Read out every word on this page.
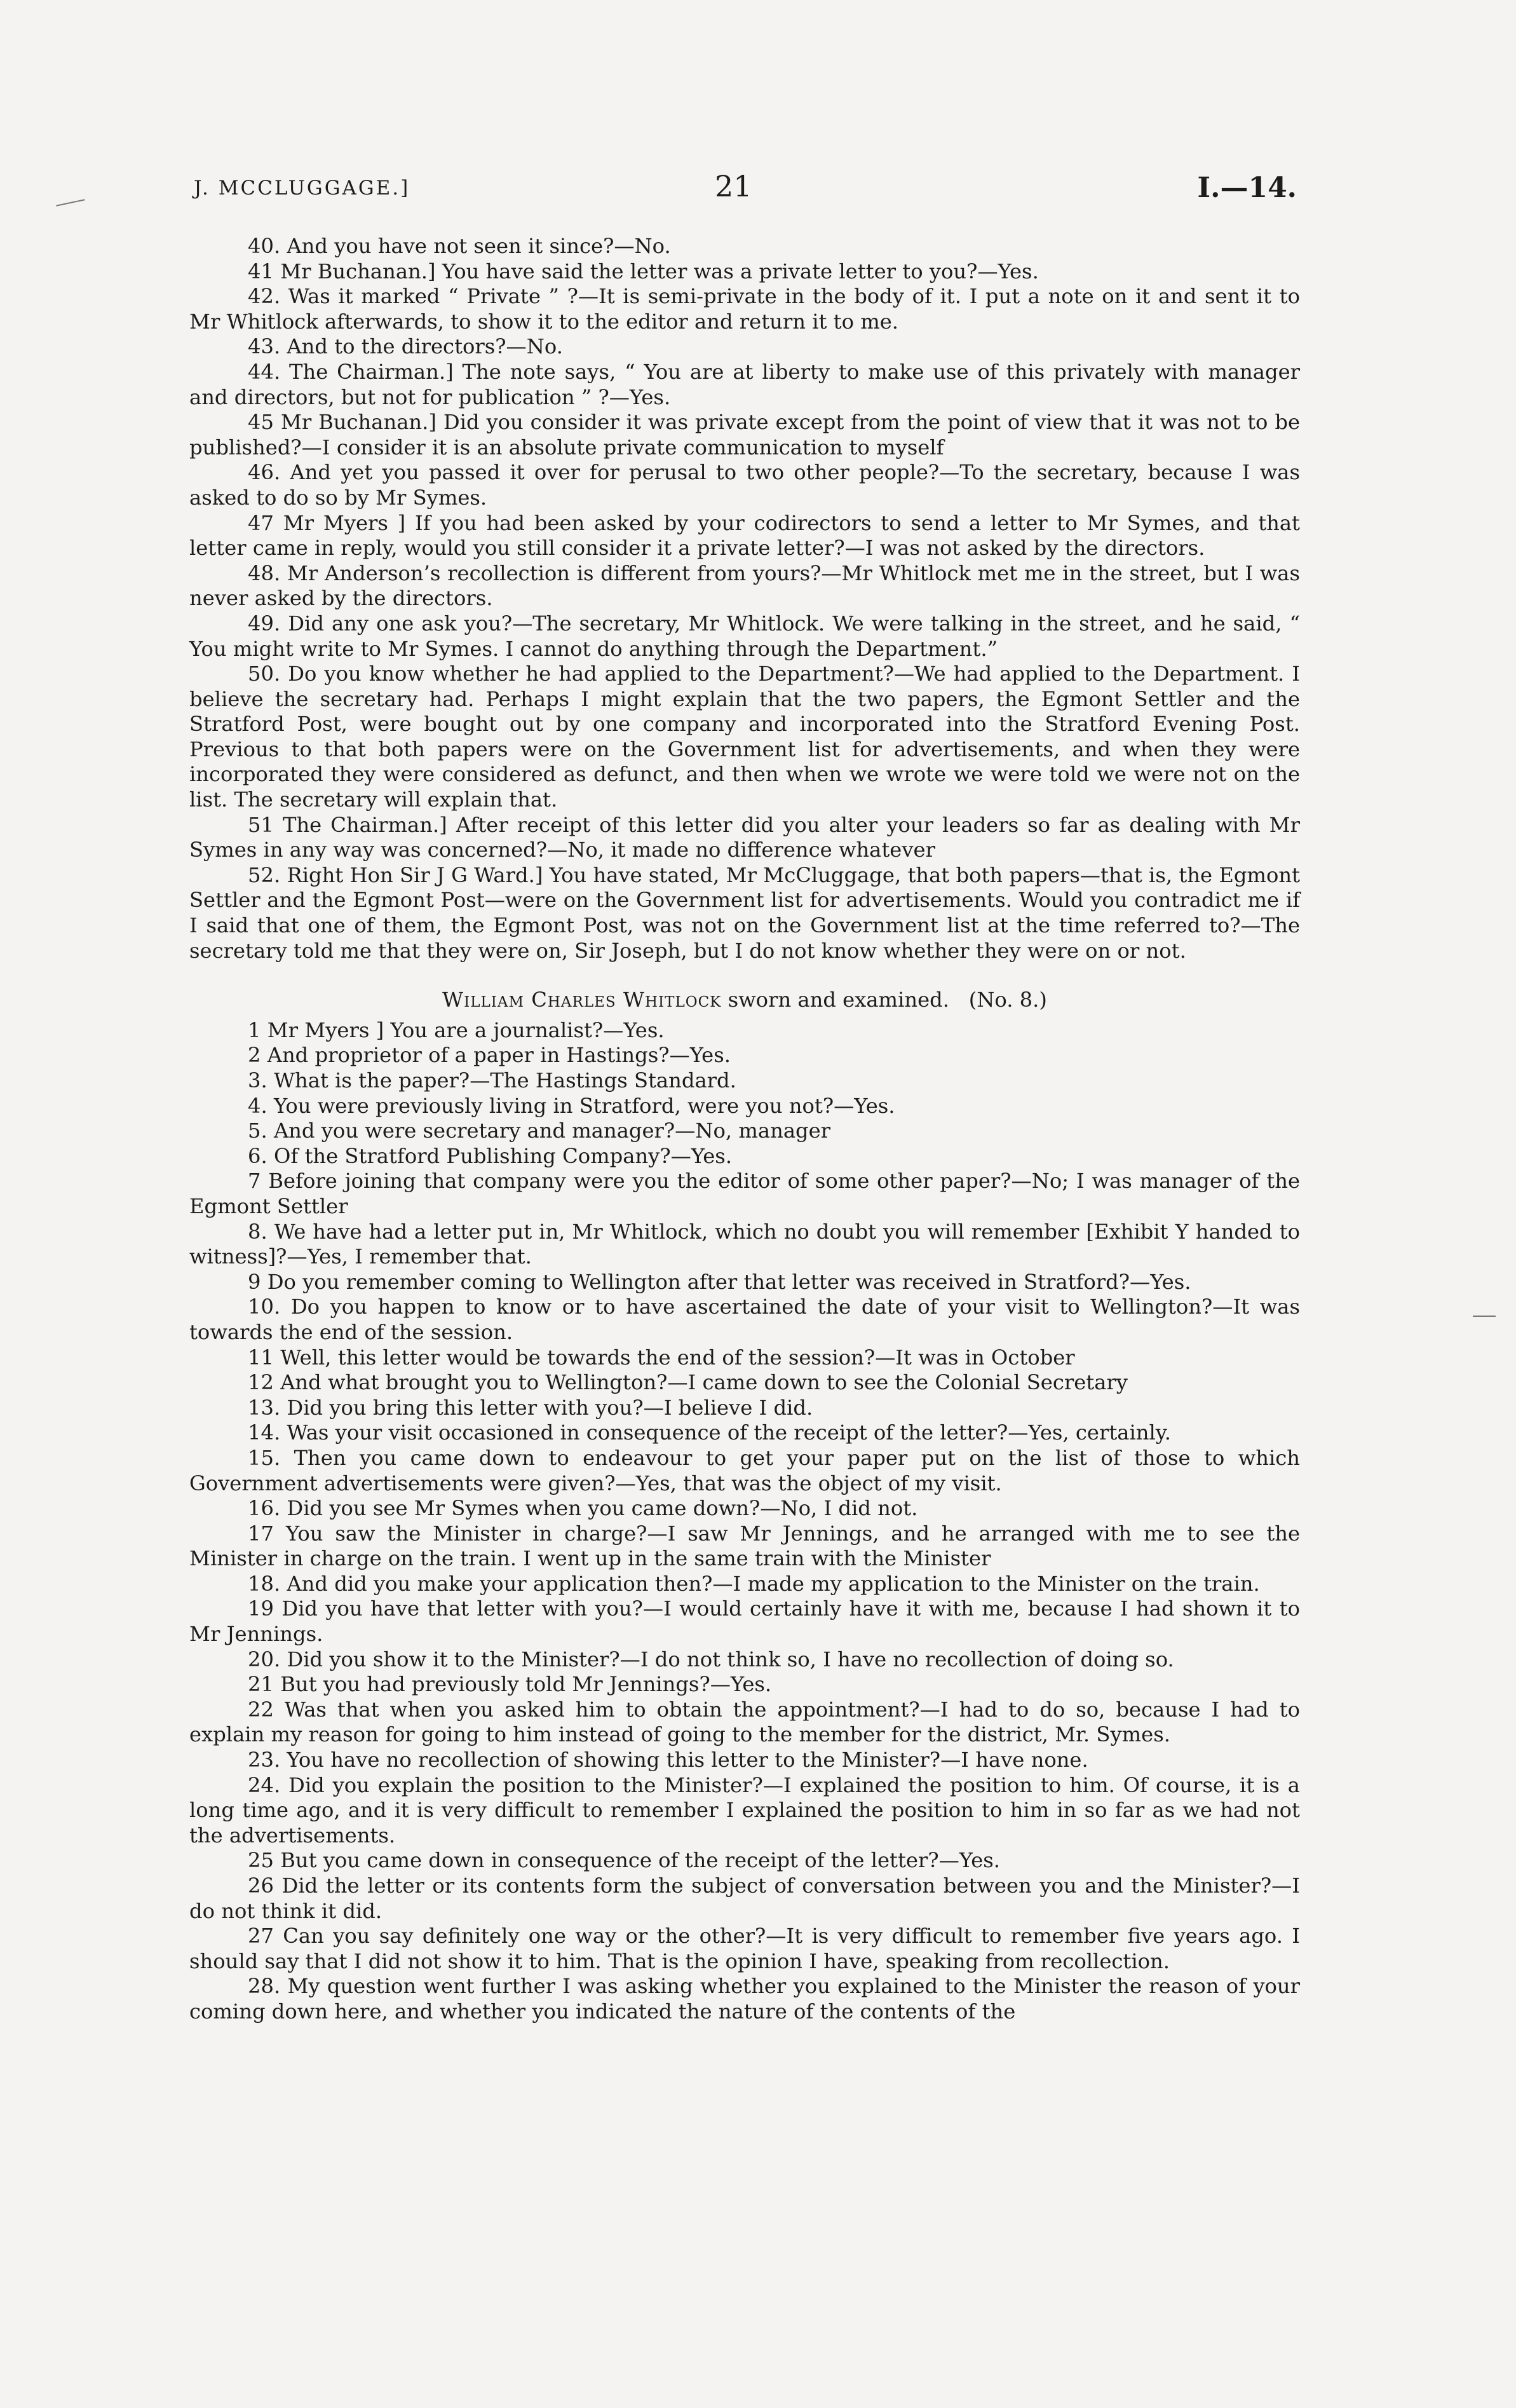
J. MCCLUGGAGE.]	21	I.—14.

40. And you have not seen it since?—No.

41 Mr Buchanan.] You have said the letter was a private letter to you?—Yes.

42. Was it marked “ Private ” ?—It is semi-private in the body of it. I put a note on it and sent it to Mr Whitlock afterwards, to show it to the editor and return it to me.

43. And to the directors?—No.

44. The Chairman.] The note says, “ You are at liberty to make use of this privately with manager and directors, but not for publication ” ?—Yes.

45 Mr Buchanan.] Did you consider it was private except from the point of view that it was not to be published?—I consider it is an absolute private communication to myself

46. And yet you passed it over for perusal to two other people?—To the secretary, because I was asked to do so by Mr Symes.

47 Mr Myers ] If you had been asked by your codirectors to send a letter to Mr Symes, and that letter came in reply, would you still consider it a private letter?—I was not asked by the directors.

48. Mr Anderson’s recollection is different from yours?—Mr Whitlock met me in the street, but I was never asked by the directors.

49. Did any one ask you?—The secretary, Mr Whitlock. We were talking in the street, and he said, “ You might write to Mr Symes. I cannot do anything through the Department.”

50. Do you know whether he had applied to the Department?—We had applied to the Department. I believe the secretary had. Perhaps I might explain that the two papers, the Egmont Settler and the Stratford Post, were bought out by one company and incorporated into the Stratford Evening Post. Previous to that both papers were on the Government list for advertisements, and when they were incorporated they were considered as defunct, and then when we wrote we were told we were not on the list. The secretary will explain that.

51 The Chairman.] After receipt of this letter did you alter your leaders so far as dealing with Mr Symes in any way was concerned?—No, it made no difference whatever

52. Right Hon Sir J G Ward.] You have stated, Mr McCluggage, that both papers—that is, the Egmont Settler and the Egmont Post—were on the Government list for advertisements. Would you contradict me if I said that one of them, the Egmont Post, was not on the Government list at the time referred to?—The secretary told me that they were on, Sir Joseph, but I do not know whether they were on or not.

William Charles Whitlock sworn and examined. (No. 8.)

1 Mr Myers ] You are a journalist?—Yes.

2 And proprietor of a paper in Hastings?—Yes.

3. What is the paper?—The Hastings Standard.

4. You were previously living in Stratford, were you not?—Yes.

5. And you were secretary and manager?—No, manager

6. Of the Stratford Publishing Company?—Yes.

7 Before joining that company were you the editor of some other paper?—No; I was manager of the Egmont Settler

8. We have had a letter put in, Mr Whitlock, which no doubt you will remember [Exhibit Y handed to witness]?—Yes, I remember that.

9 Do you remember coming to Wellington after that letter was received in Stratford?—Yes.

10. Do you happen to know or to have ascertained the date of your visit to Wellington?—It was towards the end of the session.

11 Well, this letter would be towards the end of the session?—It was in October

12 And what brought you to Wellington?—I came down to see the Colonial Secretary

13. Did you bring this letter with you?—I believe I did.

14. Was your visit occasioned in consequence of the receipt of the letter?—Yes, certainly.

15. Then you came down to endeavour to get your paper put on the list of those to which Government advertisements were given?—Yes, that was the object of my visit.

16. Did you see Mr Symes when you came down?—No, I did not.

17 You saw the Minister in charge?—I saw Mr Jennings, and he arranged with me to see the Minister in charge on the train. I went up in the same train with the Minister

18. And did you make your application then?—I made my application to the Minister on the train.

19 Did you have that letter with you?—I would certainly have it with me, because I had shown it to Mr Jennings.

20. Did you show it to the Minister?—I do not think so, I have no recollection of doing so.

21 But you had previously told Mr Jennings?—Yes.

22 Was that when you asked him to obtain the appointment?—I had to do so, because I had to explain my reason for going to him instead of going to the member for the district, Mr. Symes.

23. You have no recollection of showing this letter to the Minister?—I have none.

24. Did you explain the position to the Minister?—I explained the position to him. Of course, it is a long time ago, and it is very difficult to remember I explained the position to him in so far as we had not the advertisements.

25 But you came down in consequence of the receipt of the letter?—Yes.

26 Did the letter or its contents form the subject of conversation between you and the Minister?—I do not think it did.

27 Can you say definitely one way or the other?—It is very difficult to remember five years ago. I should say that I did not show it to him. That is the opinion I have, speaking from recollection.

28. My question went further I was asking whether you explained to the Minister the reason of your coming down here, and whether you indicated the nature of the contents of the
